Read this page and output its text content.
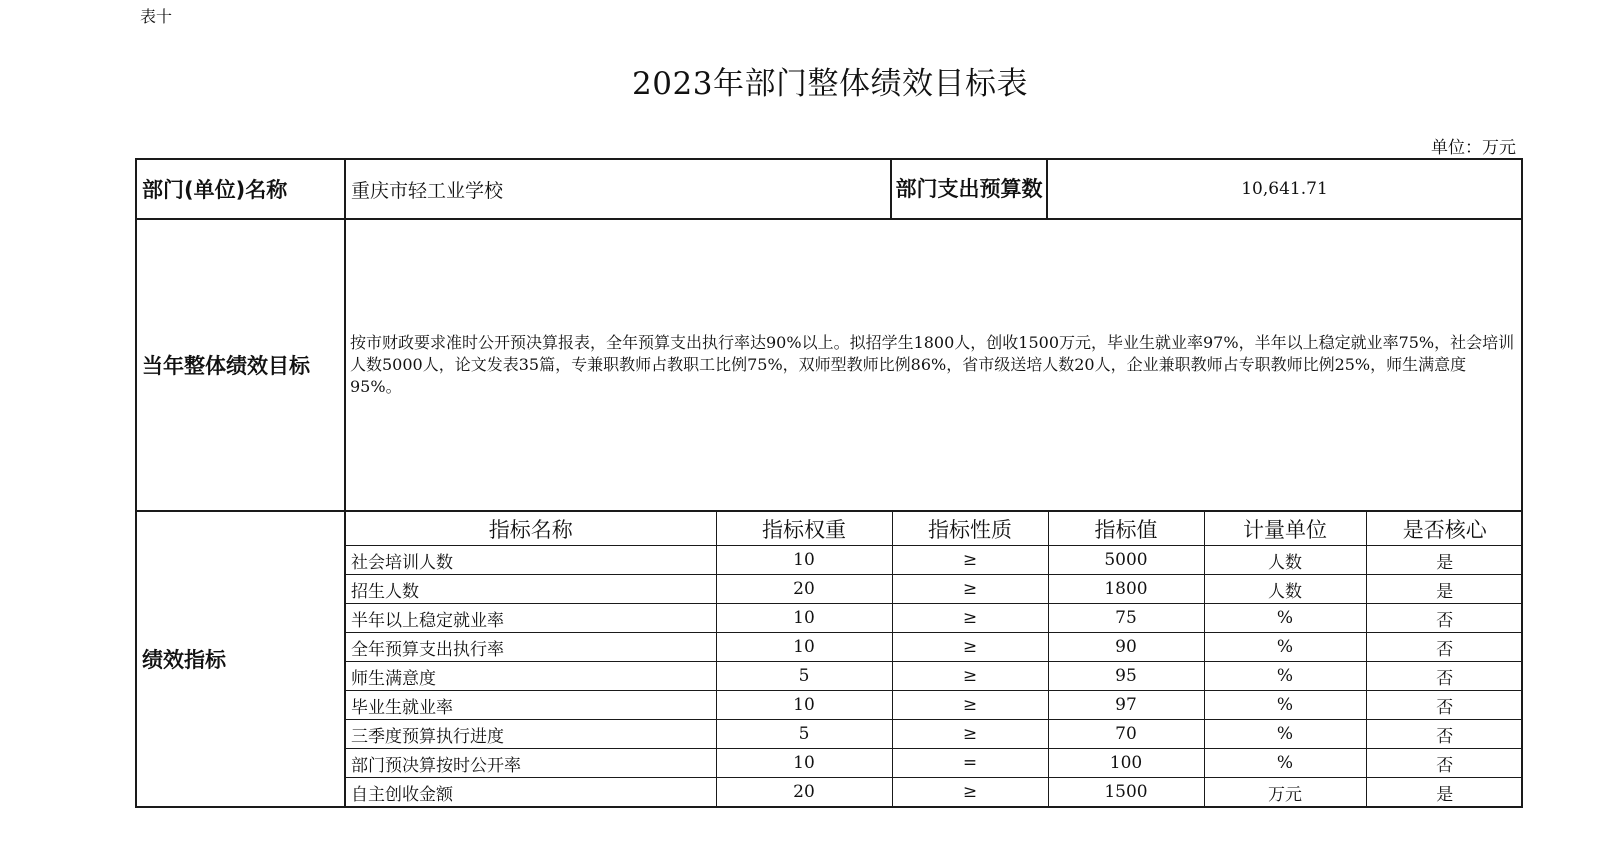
表十
2023年部门整体绩效目标表
单位：万元
部门(单位)名称	重庆市轻工业学校	部门支出预算数	10,641.71
当年整体绩效目标	按市财政要求准时公开预决算报表，全年预算支出执行率达90%以上。拟招学生1800人，创收1500万元，毕业生就业率97%，半年以上稳定就业率75%，社会培训人数5000人，论文发表35篇，专兼职教师占教职工比例75%，双师型教师比例86%，省市级送培人数20人，企业兼职教师占专职教师比例25%，师生满意度95%。
绩效指标	
指标名称	指标权重	指标性质	指标值	计量单位	是否核心
社会培训人数	10	≥	5000	人数	是
招生人数	20	≥	1800	人数	是
半年以上稳定就业率	10	≥	75	%	否
全年预算支出执行率	10	≥	90	%	否
师生满意度	5	≥	95	%	否
毕业生就业率	10	≥	97	%	否
三季度预算执行进度	5	≥	70	%	否
部门预决算按时公开率	10	=	100	%	否
自主创收金额	20	≥	1500	万元	是
